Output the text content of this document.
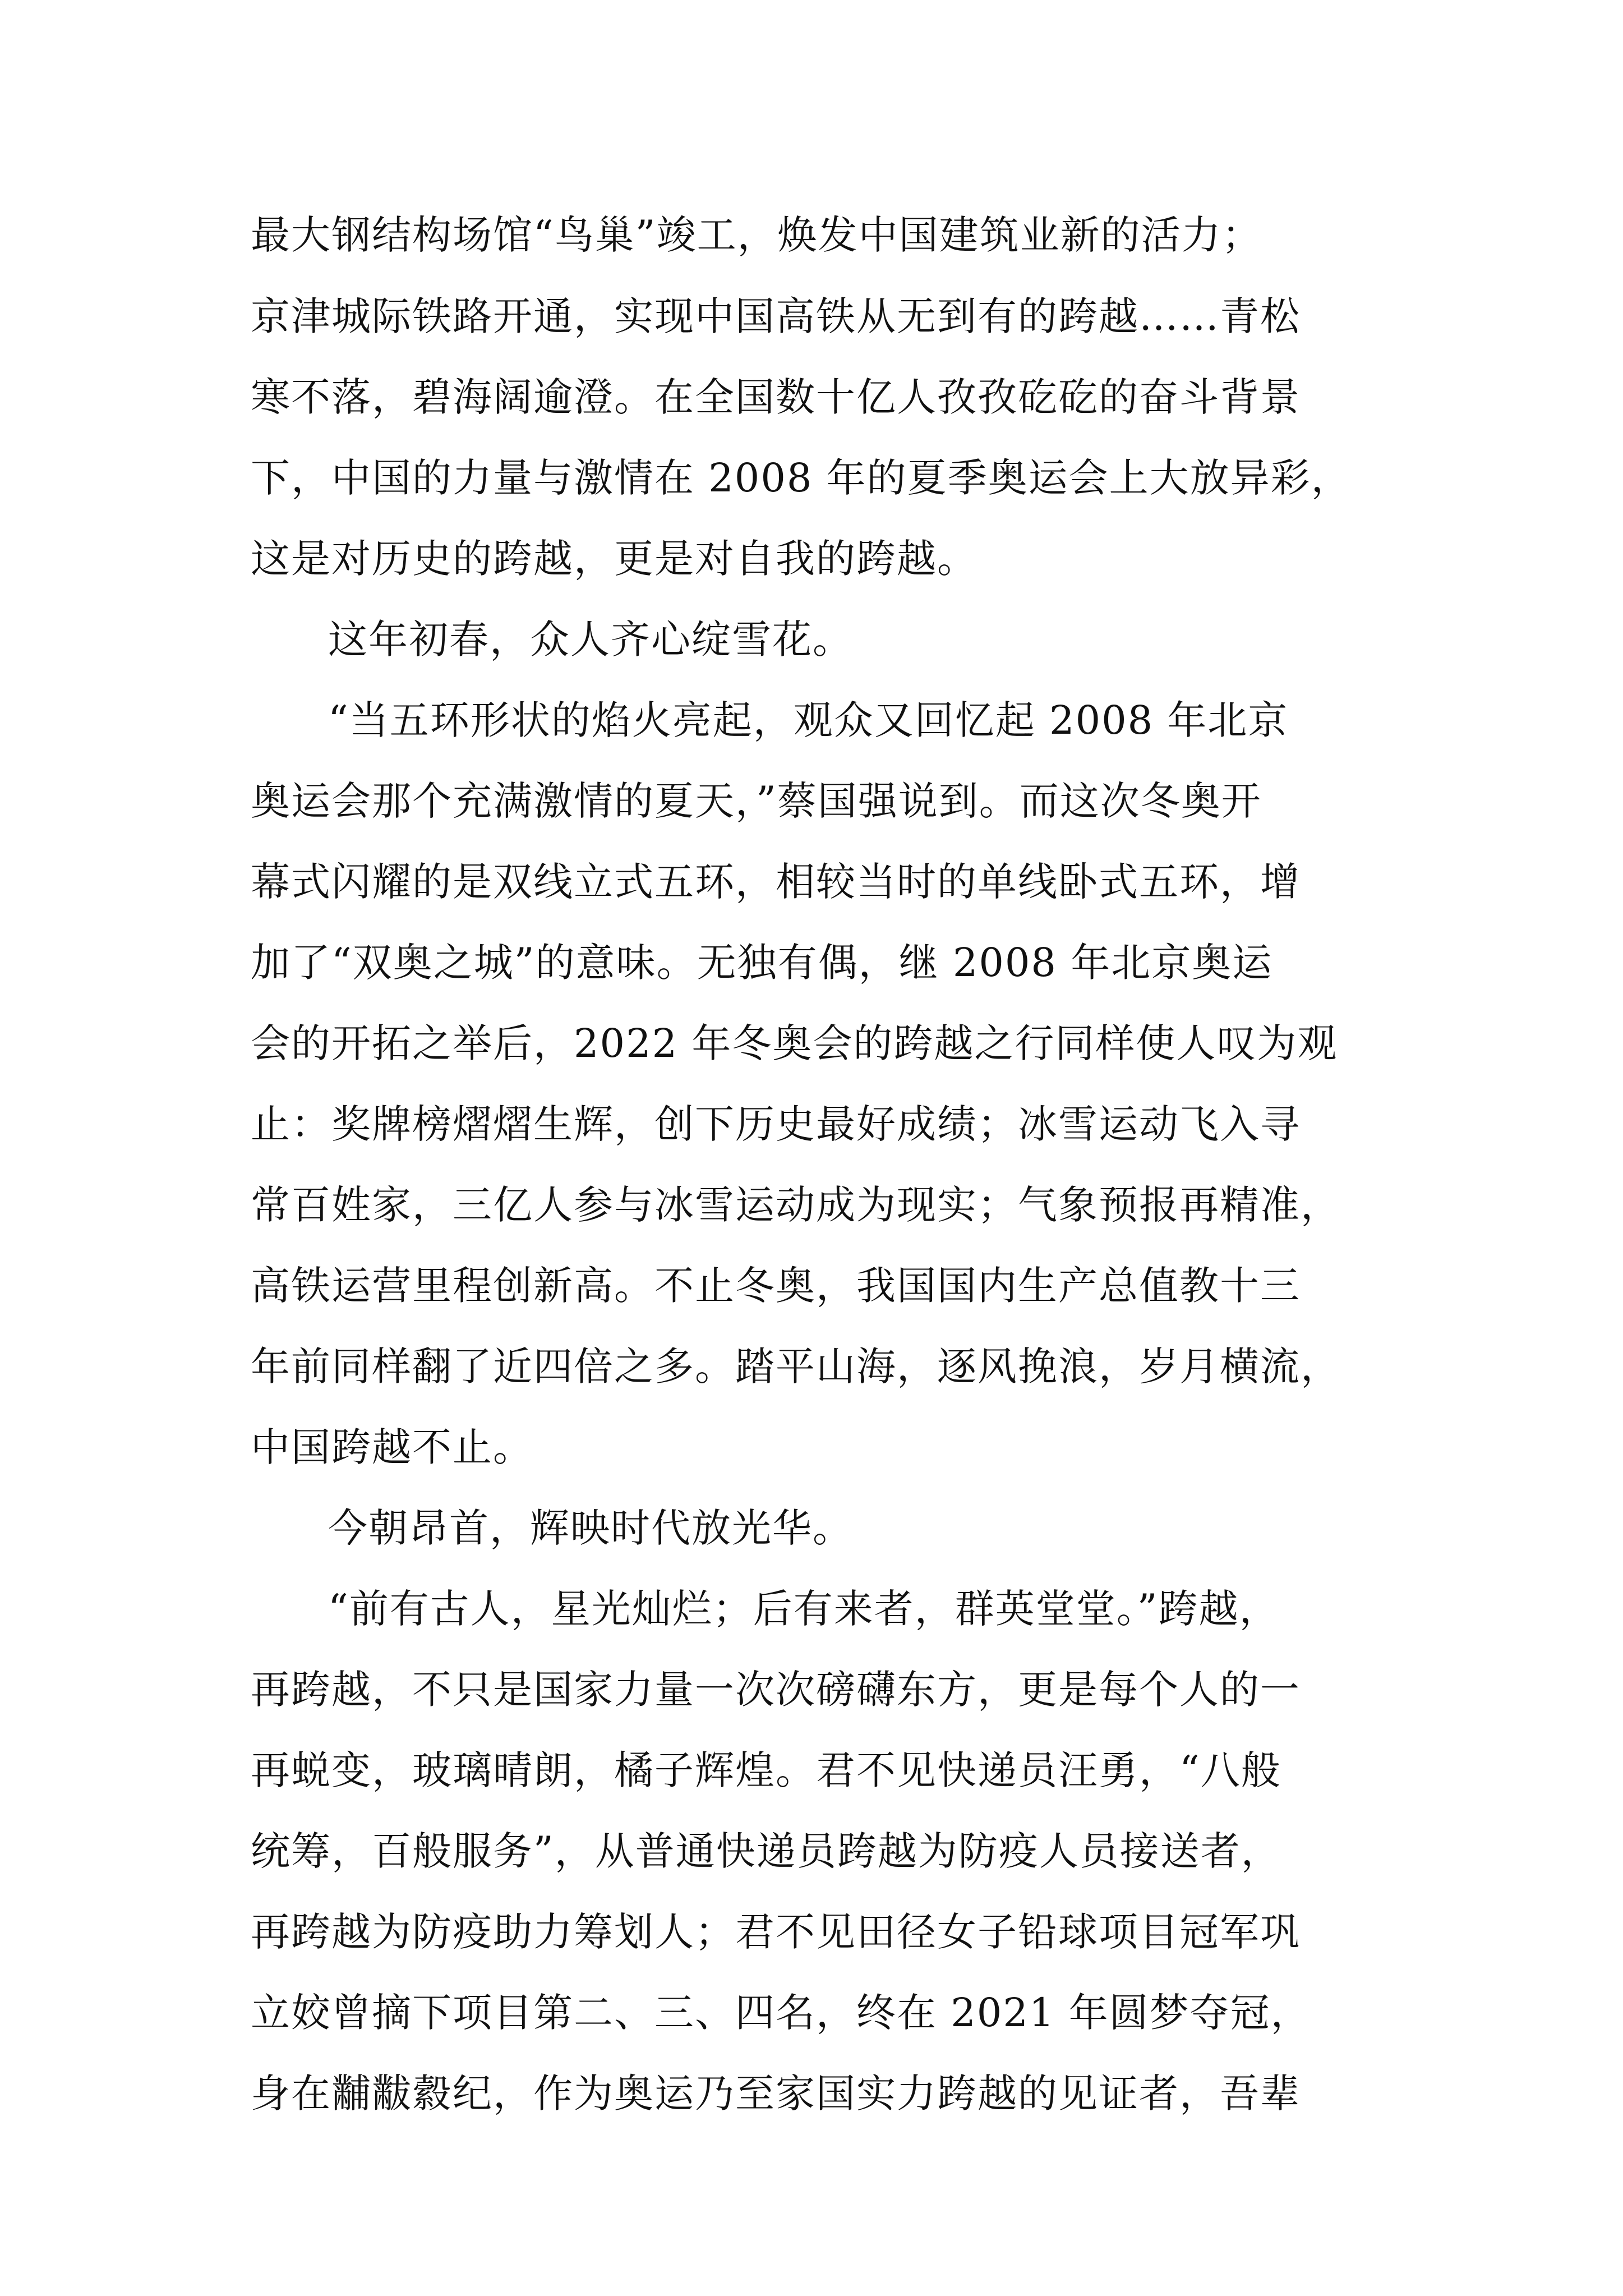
最大钢结构场馆“鸟巢”竣工，焕发中国建筑业新的活力；
京津城际铁路开通，实现中国高铁从无到有的跨越……青松
寒不落，碧海阔逾澄。在全国数十亿人孜孜矻矻的奋斗背景
下，中国的力量与激情在 2008 年的夏季奥运会上大放异彩，
这是对历史的跨越，更是对自我的跨越。
这年初春，众人齐心绽雪花。
“当五环形状的焰火亮起，观众又回忆起 2008 年北京
奥运会那个充满激情的夏天，”蔡国强说到。而这次冬奥开
幕式闪耀的是双线立式五环，相较当时的单线卧式五环，增
加了“双奥之城”的意味。无独有偶，继 2008 年北京奥运
会的开拓之举后，2022 年冬奥会的跨越之行同样使人叹为观
止：奖牌榜熠熠生辉，创下历史最好成绩；冰雪运动飞入寻
常百姓家，三亿人参与冰雪运动成为现实；气象预报再精准，
高铁运营里程创新高。不止冬奥，我国国内生产总值教十三
年前同样翻了近四倍之多。踏平山海，逐风挽浪，岁月横流，
中国跨越不止。
今朝昂首，辉映时代放光华。
“前有古人，星光灿烂；后有来者，群英堂堂。”跨越，
再跨越，不只是国家力量一次次磅礴东方，更是每个人的一
再蜕变，玻璃晴朗，橘子辉煌。君不见快递员汪勇，“八般
统筹，百般服务”，从普通快递员跨越为防疫人员接送者，
再跨越为防疫助力筹划人；君不见田径女子铅球项目冠军巩
立姣曾摘下项目第二、三、四名，终在 2021 年圆梦夺冠，
身在黼黻縠纪，作为奥运乃至家国实力跨越的见证者，吾辈
